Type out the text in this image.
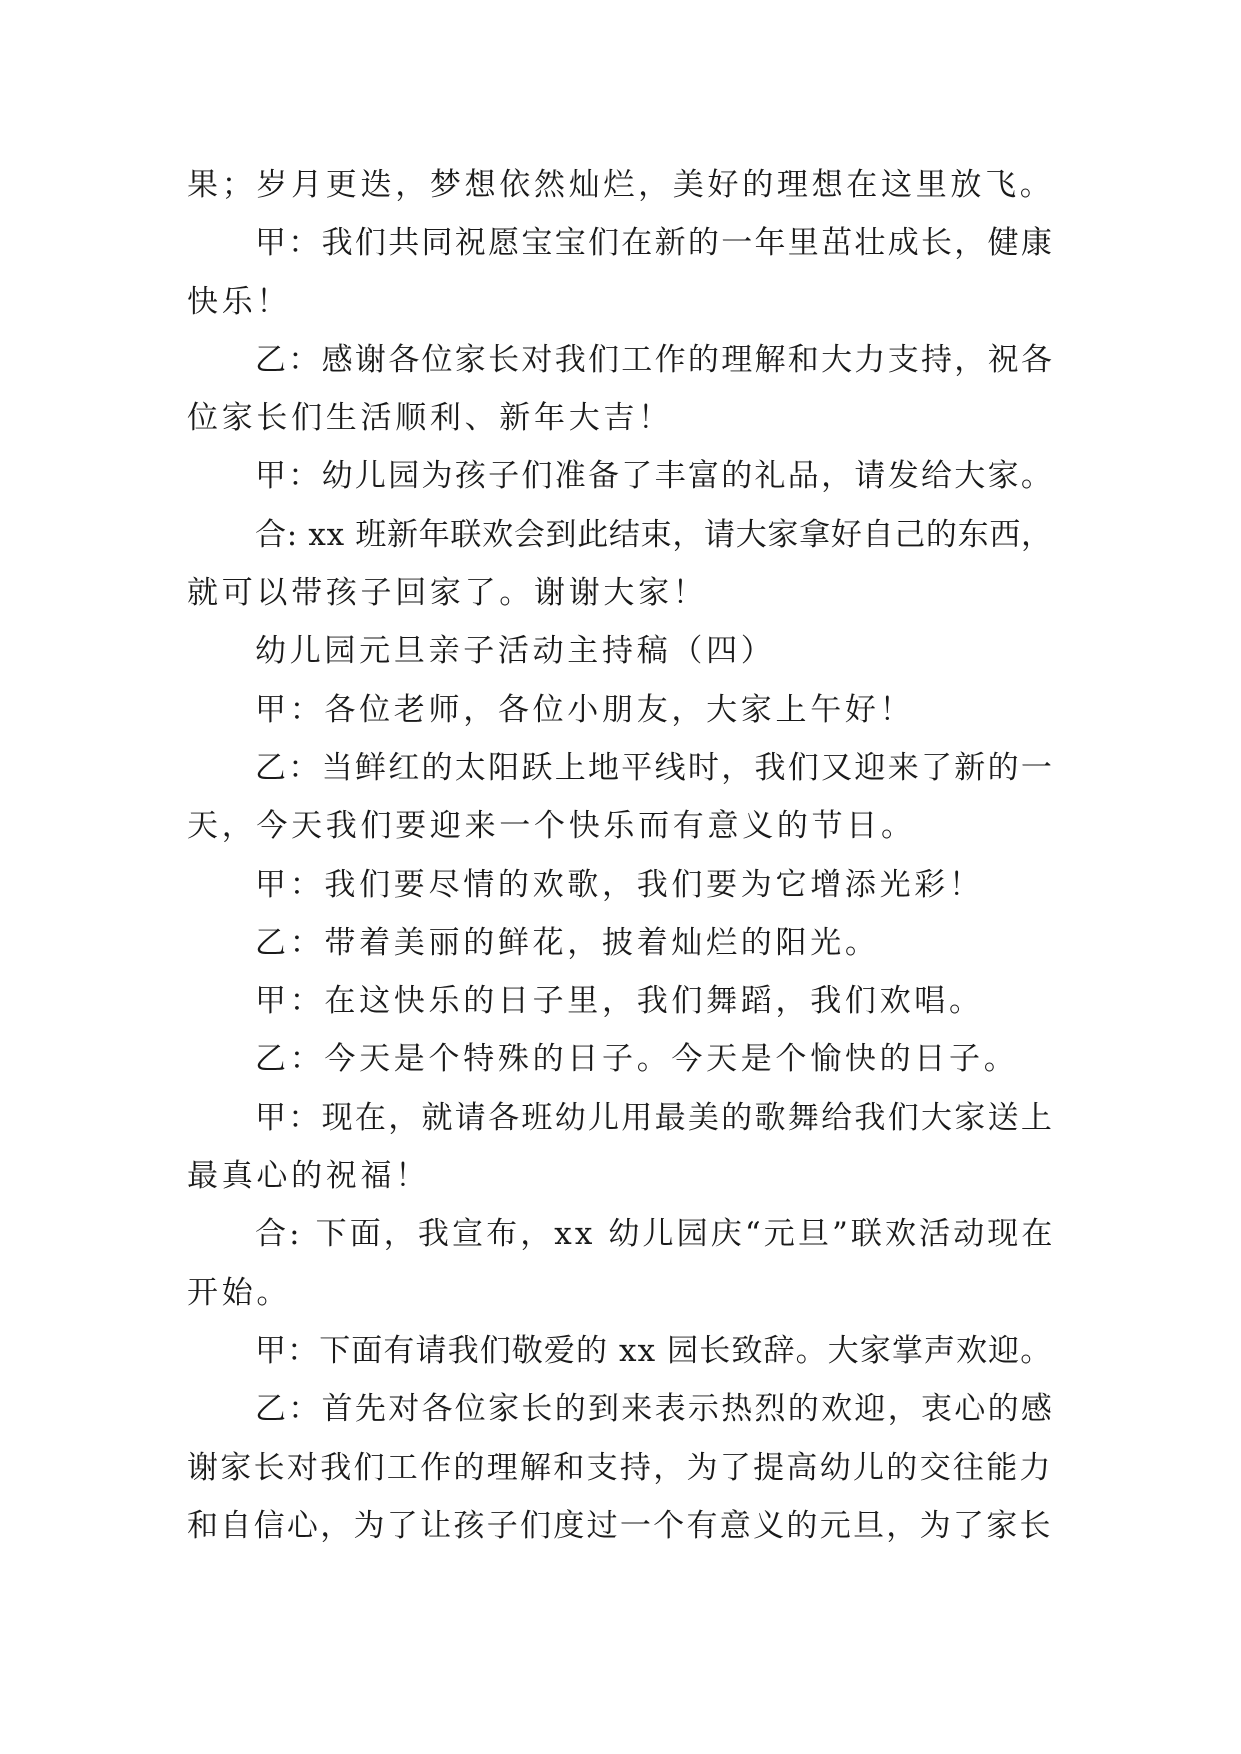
果；岁月更迭，梦想依然灿烂，美好的理想在这里放飞。
甲：我们共同祝愿宝宝们在新的一年里茁壮成长，健康
快乐！
乙：感谢各位家长对我们工作的理解和大力支持，祝各
位家长们生活顺利、新年大吉！
甲：幼儿园为孩子们准备了丰富的礼品，请发给大家。
合: xx 班新年联欢会到此结束，请大家拿好自己的东西，
就可以带孩子回家了。谢谢大家！
幼儿园元旦亲子活动主持稿（四）
甲：各位老师，各位小朋友，大家上午好！
乙：当鲜红的太阳跃上地平线时，我们又迎来了新的一
天，今天我们要迎来一个快乐而有意义的节日。
甲：我们要尽情的欢歌，我们要为它增添光彩！
乙：带着美丽的鲜花，披着灿烂的阳光。
甲：在这快乐的日子里，我们舞蹈，我们欢唱。
乙：今天是个特殊的日子。今天是个愉快的日子。
甲：现在，就请各班幼儿用最美的歌舞给我们大家送上
最真心的祝福！
合: 下面，我宣布，xx 幼儿园庆“元旦”联欢活动现在
开始。
甲：下面有请我们敬爱的 xx 园长致辞。大家掌声欢迎。
乙：首先对各位家长的到来表示热烈的欢迎，衷心的感
谢家长对我们工作的理解和支持，为了提高幼儿的交往能力
和自信心，为了让孩子们度过一个有意义的元旦，为了家长
